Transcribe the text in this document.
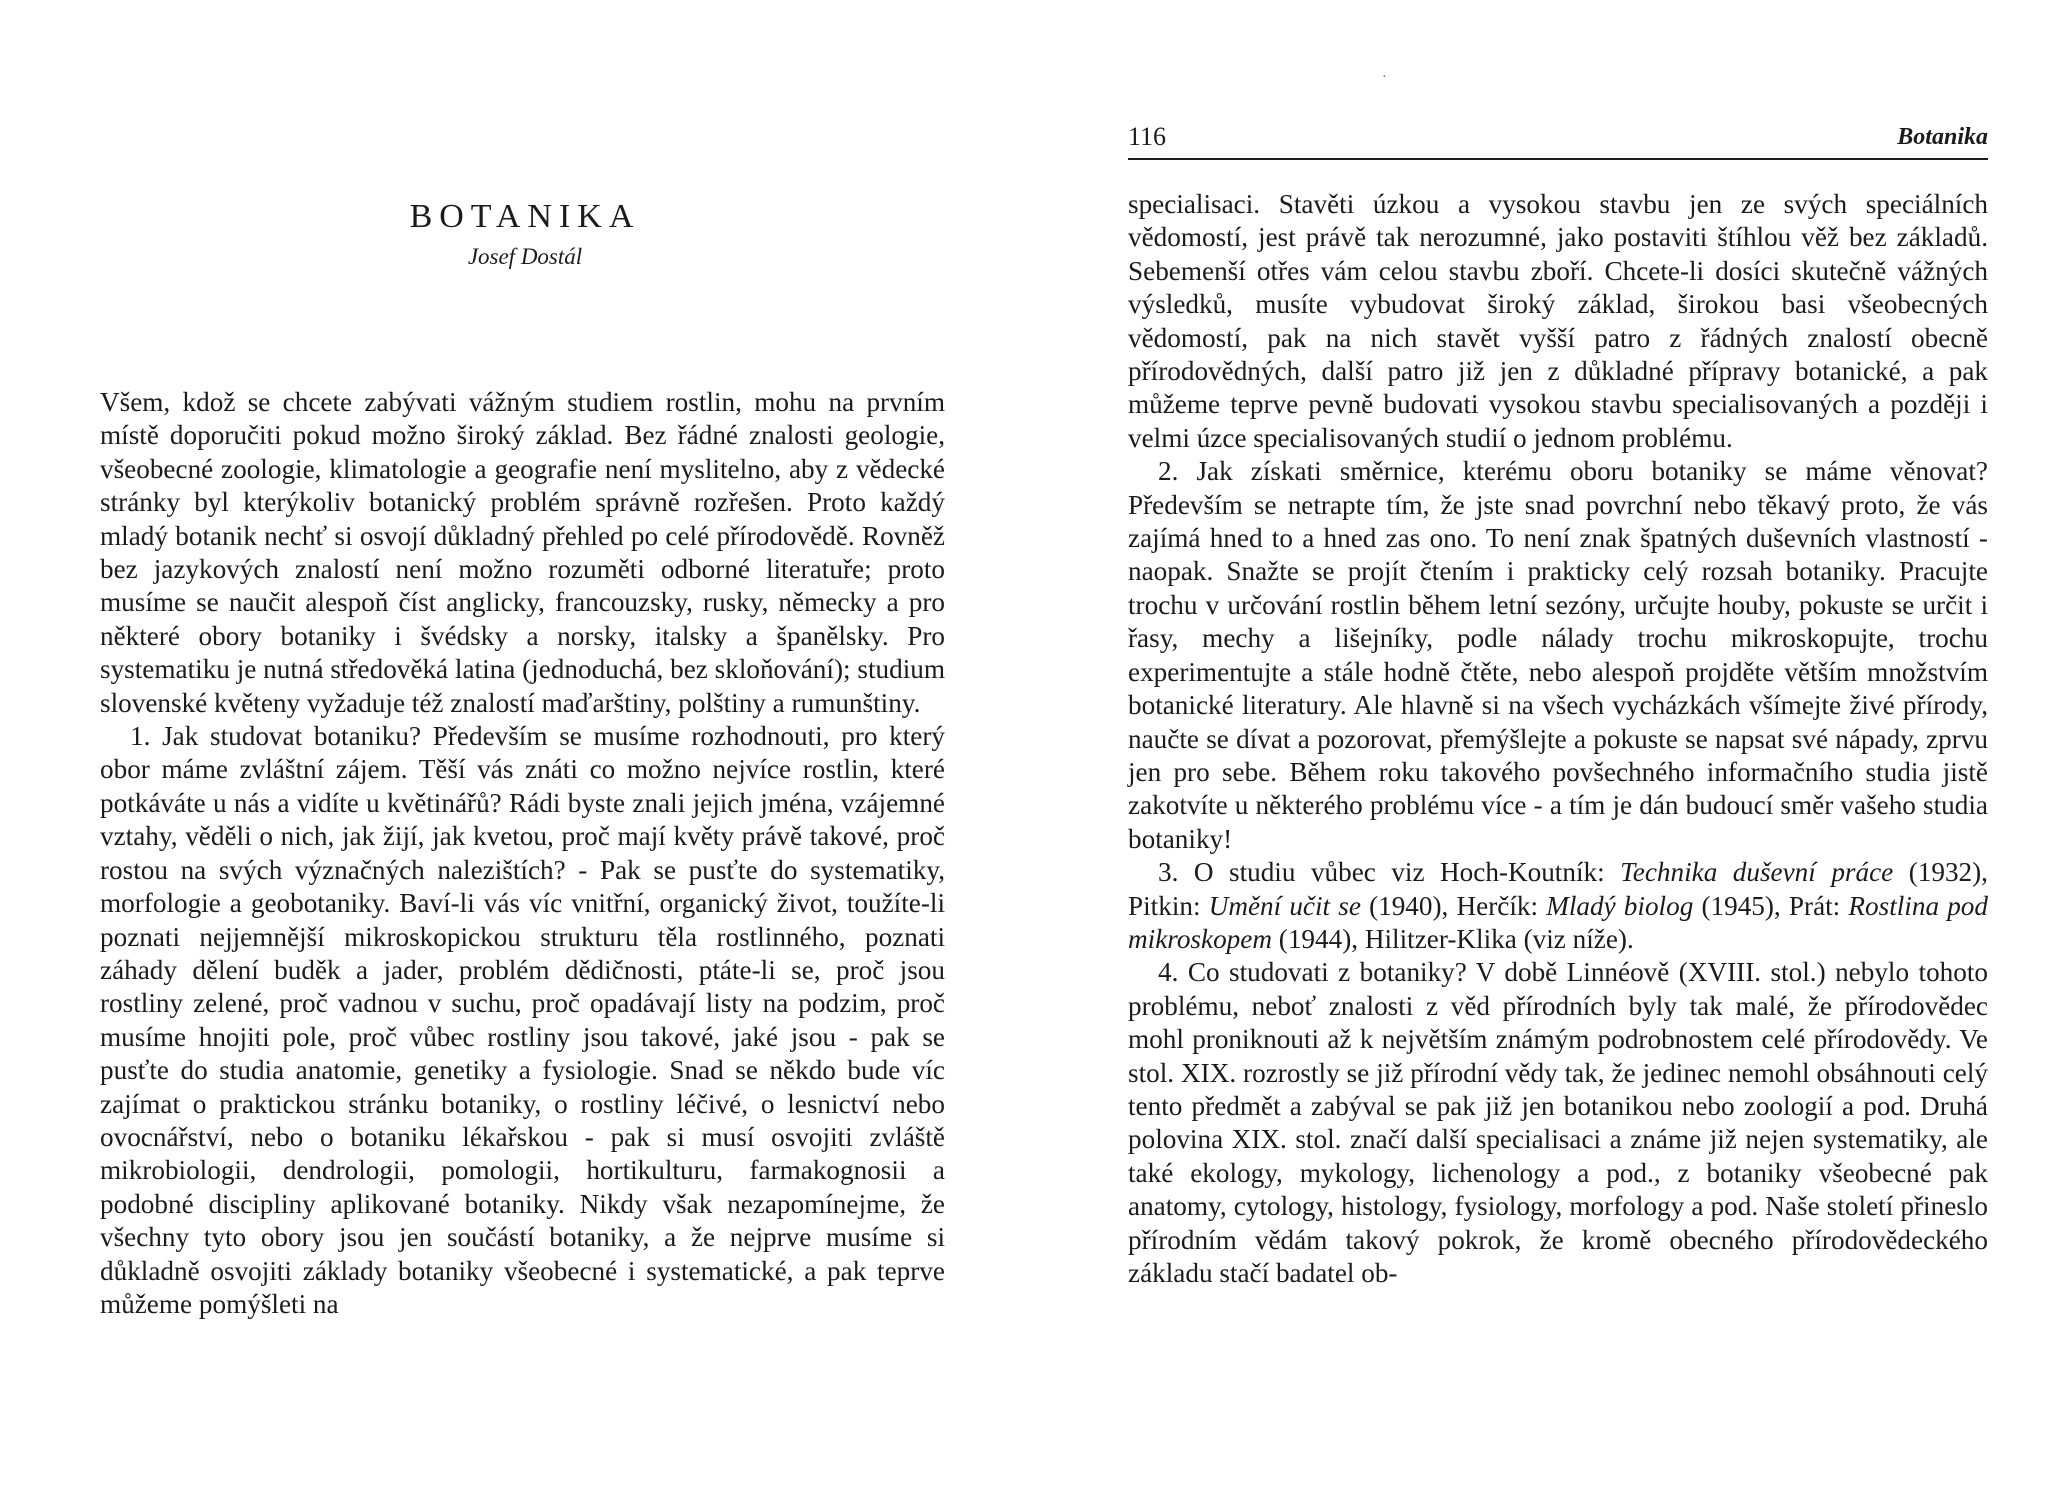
BOTANIKA
Josef Dostál

Všem, kdož se chcete zabývati vážným studiem rostlin, mohu na prvním místě doporučiti pokud možno široký základ. Bez řádné znalosti geologie, všeobecné zoologie, klimatologie a geografie není myslitelno, aby z vědecké stránky byl kterýkoliv botanický problém správně rozřešen. Proto každý mladý botanik nechť si osvojí důkladný přehled po celé přírodovědě. Rovněž bez jazykových znalostí není možno rozuměti odborné literatuře; proto musíme se naučit alespoň číst anglicky, francouzsky, rusky, německy a pro některé obory botaniky i švédsky a norsky, italsky a španělsky. Pro systematiku je nutná středověká latina (jednoduchá, bez skloňování); studium slovenské květeny vyžaduje též znalostí maďarštiny, polštiny a rumunštiny.

1. Jak studovat botaniku? Především se musíme rozhodnouti, pro který obor máme zvláštní zájem. Těší vás znáti co možno nejvíce rostlin, které potkáváte u nás a vidíte u květinářů? Rádi byste znali jejich jména, vzájemné vztahy, věděli o nich, jak žijí, jak kvetou, proč mají květy právě takové, proč rostou na svých význačných nalezištích? - Pak se pusťte do systematiky, morfologie a geobotaniky. Baví-li vás víc vnitřní, organický život, toužíte-li poznati nejjemnější mikroskopickou strukturu těla rostlinného, poznati záhady dělení buděk a jader, problém dědičnosti, ptáte-li se, proč jsou rostliny zelené, proč vadnou v suchu, proč opadávají listy na podzim, proč musíme hnojiti pole, proč vůbec rostliny jsou takové, jaké jsou - pak se pusťte do studia anatomie, genetiky a fysiologie. Snad se někdo bude víc zajímat o praktickou stránku botaniky, o rostliny léčivé, o lesnictví nebo ovocnářství, nebo o botaniku lékařskou - pak si musí osvojiti zvláště mikrobiologii, dendrologii, pomologii, hortikulturu, farmakognosii a podobné discipliny aplikované botaniky. Nikdy však nezapomínejme, že všechny tyto obory jsou jen součástí botaniky, a že nejprve musíme si důkladně osvojiti základy botaniky všeobecné i systematické, a pak teprve můžeme pomýšleti na

·
116	Botanika

specialisaci. Stavěti úzkou a vysokou stavbu jen ze svých speciálních vědomostí, jest právě tak nerozumné, jako postaviti štíhlou věž bez základů. Sebemenší otřes vám celou stavbu zboří. Chcete-li dosíci skutečně vážných výsledků, musíte vybudovat široký základ, širokou basi všeobecných vědomostí, pak na nich stavět vyšší patro z řádných znalostí obecně přírodovědných, další patro již jen z důkladné přípravy botanické, a pak můžeme teprve pevně budovati vysokou stavbu specialisovaných a později i velmi úzce specialisovaných studií o jednom problému.

2. Jak získati směrnice, kterému oboru botaniky se máme věnovat? Především se netrapte tím, že jste snad povrchní nebo těkavý proto, že vás zajímá hned to a hned zas ono. To není znak špatných duševních vlastností - naopak. Snažte se projít čtením i prakticky celý rozsah botaniky. Pracujte trochu v určování rostlin během letní sezóny, určujte houby, pokuste se určit i řasy, mechy a lišejníky, podle nálady trochu mikroskopujte, trochu experimentujte a stále hodně čtěte, nebo alespoň projděte větším množstvím botanické literatury. Ale hlavně si na všech vycházkách všímejte živé přírody, naučte se dívat a pozorovat, přemýšlejte a pokuste se napsat své nápady, zprvu jen pro sebe. Během roku takového povšechného informačního studia jistě zakotvíte u některého problému více - a tím je dán budoucí směr vašeho studia botaniky!

3. O studiu vůbec viz Hoch-Koutník: Technika duševní práce (1932), Pitkin: Umění učit se (1940), Herčík: Mladý biolog (1945), Prát: Rostlina pod mikroskopem (1944), Hilitzer-Klika (viz níže).

4. Co studovati z botaniky? V době Linnéově (XVIII. stol.) nebylo tohoto problému, neboť znalosti z věd přírodních byly tak malé, že přírodovědec mohl proniknouti až k největším známým podrobnostem celé přírodovědy. Ve stol. XIX. rozrostly se již přírodní vědy tak, že jedinec nemohl obsáhnouti celý tento předmět a zabýval se pak již jen botanikou nebo zoologií a pod. Druhá polovina XIX. stol. značí další specialisaci a známe již nejen systematiky, ale také ekology, mykology, lichenology a pod., z botaniky všeobecné pak anatomy, cytology, histology, fysiology, morfology a pod. Naše století přineslo přírodním vědám takový pokrok, že kromě obecného přírodovědeckého základu stačí badatel ob-
